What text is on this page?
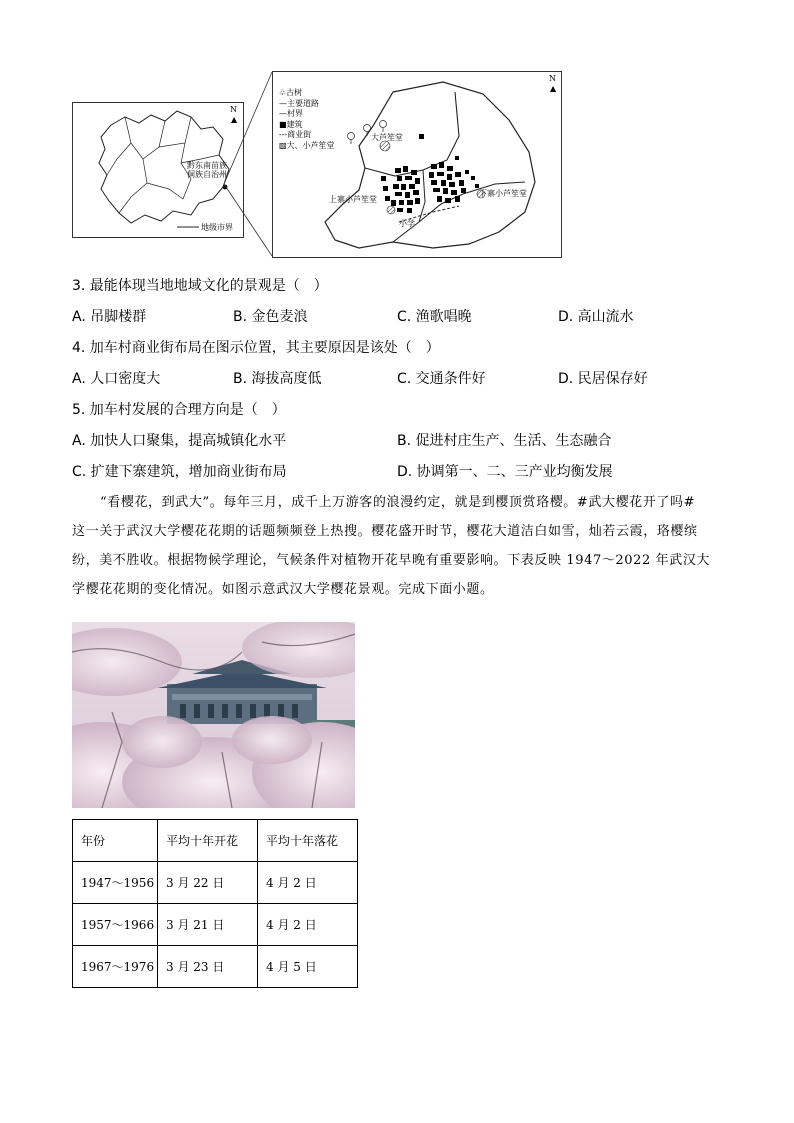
N
▲
黔东南苗族侗族自治州
地级市界
N
▲
♧古树
—主要道路
—村界
■建筑
---商业街
▨大、小芦笙堂
大芦笙堂
上寨小芦笙堂
下寨小芦笙堂
小学
3. 最能体现当地地域文化的景观是（　）
A. 吊脚楼群	B. 金色麦浪	C. 渔歌唱晚	D. 高山流水
4. 加车村商业街布局在图示位置，其主要原因是该处（　）
A. 人口密度大	B. 海拔高度低	C. 交通条件好	D. 民居保存好
5. 加车村发展的合理方向是（　）
A. 加快人口聚集，提高城镇化水平	B. 促进村庄生产、生活、生态融合
C. 扩建下寨建筑，增加商业街布局	D. 协调第一、二、三产业均衡发展
“看樱花，到武大”。每年三月，成千上万游客的浪漫约定，就是到樱顶赏珞樱。#武大樱花开了吗#
这一关于武汉大学樱花花期的话题频频登上热搜。樱花盛开时节，樱花大道洁白如雪，灿若云霞，珞樱缤
纷，美不胜收。根据物候学理论，气候条件对植物开花早晚有重要影响。下表反映 1947～2022 年武汉大
学樱花花期的变化情况。如图示意武汉大学樱花景观。完成下面小题。
年份	平均十年开花	平均十年落花
1947～1956	3 月 22 日	4 月 2 日
1957～1966	3 月 21 日	4 月 2 日
1967～1976	3 月 23 日	4 月 5 日
